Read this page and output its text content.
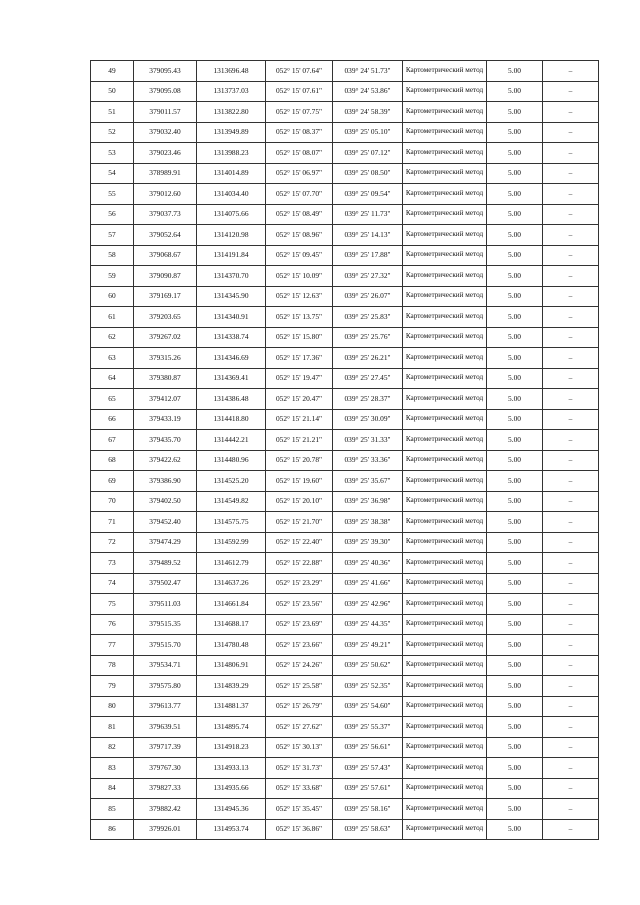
49	379095.43	1313696.48	052° 15' 07.64"	039° 24' 51.73"	Картометрический метод	5.00	–
50	379095.08	1313737.03	052° 15' 07.61"	039° 24' 53.86"	Картометрический метод	5.00	–
51	379011.57	1313822.80	052° 15' 07.75"	039° 24' 58.39"	Картометрический метод	5.00	–
52	379032.40	1313949.89	052° 15' 08.37"	039° 25' 05.10"	Картометрический метод	5.00	–
53	379023.46	1313988.23	052° 15' 08.07"	039° 25' 07.12"	Картометрический метод	5.00	–
54	378989.91	1314014.89	052° 15' 06.97"	039° 25' 08.50"	Картометрический метод	5.00	–
55	379012.60	1314034.40	052° 15' 07.70"	039° 25' 09.54"	Картометрический метод	5.00	–
56	379037.73	1314075.66	052° 15' 08.49"	039° 25' 11.73"	Картометрический метод	5.00	–
57	379052.64	1314120.98	052° 15' 08.96"	039° 25' 14.13"	Картометрический метод	5.00	–
58	379068.67	1314191.84	052° 15' 09.45"	039° 25' 17.88"	Картометрический метод	5.00	–
59	379090.87	1314370.70	052° 15' 10.09"	039° 25' 27.32"	Картометрический метод	5.00	–
60	379169.17	1314345.90	052° 15' 12.63"	039° 25' 26.07"	Картометрический метод	5.00	–
61	379203.65	1314340.91	052° 15' 13.75"	039° 25' 25.83"	Картометрический метод	5.00	–
62	379267.02	1314338.74	052° 15' 15.80"	039° 25' 25.76"	Картометрический метод	5.00	–
63	379315.26	1314346.69	052° 15' 17.36"	039° 25' 26.21"	Картометрический метод	5.00	–
64	379380.87	1314369.41	052° 15' 19.47"	039° 25' 27.45"	Картометрический метод	5.00	–
65	379412.07	1314386.48	052° 15' 20.47"	039° 25' 28.37"	Картометрический метод	5.00	–
66	379433.19	1314418.80	052° 15' 21.14"	039° 25' 30.09"	Картометрический метод	5.00	–
67	379435.70	1314442.21	052° 15' 21.21"	039° 25' 31.33"	Картометрический метод	5.00	–
68	379422.62	1314480.96	052° 15' 20.78"	039° 25' 33.36"	Картометрический метод	5.00	–
69	379386.90	1314525.20	052° 15' 19.60"	039° 25' 35.67"	Картометрический метод	5.00	–
70	379402.50	1314549.82	052° 15' 20.10"	039° 25' 36.98"	Картометрический метод	5.00	–
71	379452.40	1314575.75	052° 15' 21.70"	039° 25' 38.38"	Картометрический метод	5.00	–
72	379474.29	1314592.99	052° 15' 22.40"	039° 25' 39.30"	Картометрический метод	5.00	–
73	379489.52	1314612.79	052° 15' 22.88"	039° 25' 40.36"	Картометрический метод	5.00	–
74	379502.47	1314637.26	052° 15' 23.29"	039° 25' 41.66"	Картометрический метод	5.00	–
75	379511.03	1314661.84	052° 15' 23.56"	039° 25' 42.96"	Картометрический метод	5.00	–
76	379515.35	1314688.17	052° 15' 23.69"	039° 25' 44.35"	Картометрический метод	5.00	–
77	379515.70	1314780.48	052° 15' 23.66"	039° 25' 49.21"	Картометрический метод	5.00	–
78	379534.71	1314806.91	052° 15' 24.26"	039° 25' 50.62"	Картометрический метод	5.00	–
79	379575.80	1314839.29	052° 15' 25.58"	039° 25' 52.35"	Картометрический метод	5.00	–
80	379613.77	1314881.37	052° 15' 26.79"	039° 25' 54.60"	Картометрический метод	5.00	–
81	379639.51	1314895.74	052° 15' 27.62"	039° 25' 55.37"	Картометрический метод	5.00	–
82	379717.39	1314918.23	052° 15' 30.13"	039° 25' 56.61"	Картометрический метод	5.00	–
83	379767.30	1314933.13	052° 15' 31.73"	039° 25' 57.43"	Картометрический метод	5.00	–
84	379827.33	1314935.66	052° 15' 33.68"	039° 25' 57.61"	Картометрический метод	5.00	–
85	379882.42	1314945.36	052° 15' 35.45"	039° 25' 58.16"	Картометрический метод	5.00	–
86	379926.01	1314953.74	052° 15' 36.86"	039° 25' 58.63"	Картометрический метод	5.00	–
